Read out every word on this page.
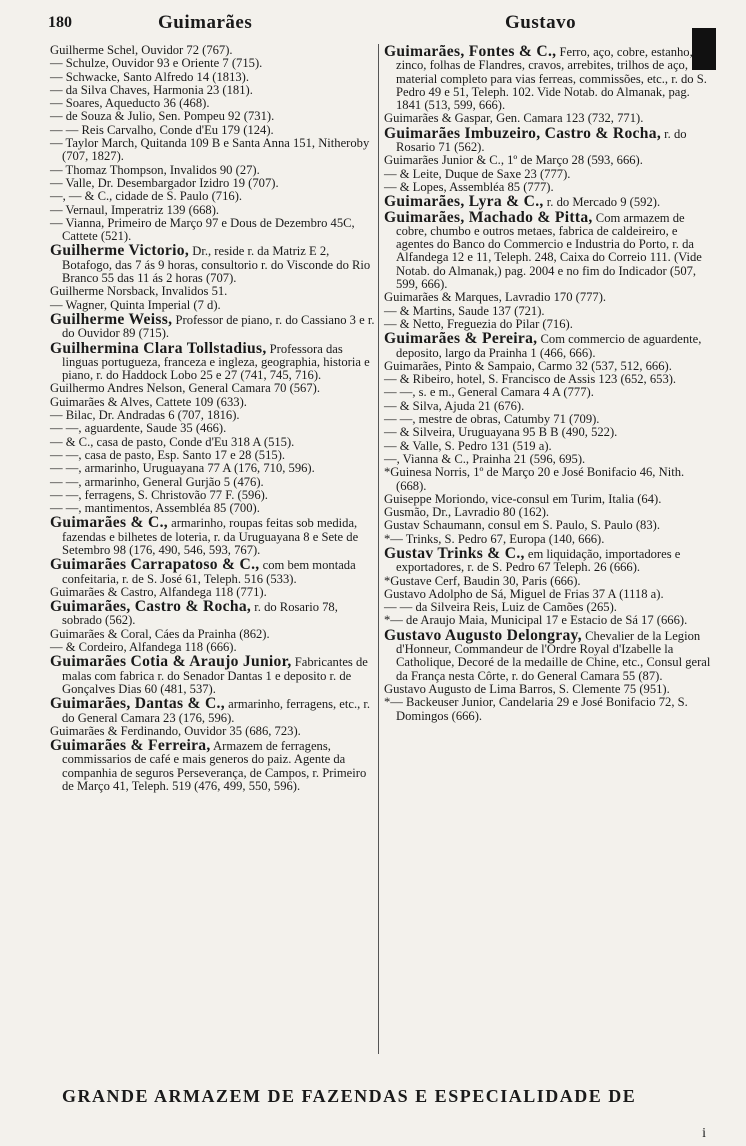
180	Guimarães	Gustavo

Guilherme Schel, Ouvidor 72 (767).

— Schulze, Ouvidor 93 e Oriente 7 (715).

— Schwacke, Santo Alfredo 14 (1813).

— da Silva Chaves, Harmonia 23 (181).

— Soares, Aqueducto 36 (468).

— de Souza & Julio, Sen. Pompeu 92 (731).

— — Reis Carvalho, Conde d'Eu 179 (124).

— Taylor March, Quitanda 109 B e Santa Anna 151, Nitheroby (707, 1827).

— Thomaz Thompson, Invalidos 90 (27).

— Valle, Dr. Desembargador Izidro 19 (707).

—, — & C., cidade de S. Paulo (716).

— Vernaul, Imperatriz 139 (668).

— Vianna, Primeiro de Março 97 e Dous de Dezembro 45C, Cattete (521).

Guilherme Victorio, Dr., reside r. da Matriz E 2, Botafogo, das 7 ás 9 horas, consultorio r. do Visconde do Rio Branco 55 das 11 ás 2 horas (707).

Guilherme Norsback, Invalidos 51.

— Wagner, Quinta Imperial (7 d).

Guilherme Weiss, Professor de piano, r. do Cassiano 3 e r. do Ouvidor 89 (715).

Guilhermina Clara Tollstadius, Professora das linguas portugueza, franceza e ingleza, geographia, historia e piano, r. do Haddock Lobo 25 e 27 (741, 745, 716).

Guilhermo Andres Nelson, General Camara 70 (567).

Guimarães & Alves, Cattete 109 (633).

— Bilac, Dr. Andradas 6 (707, 1816).

— —, aguardente, Saude 35 (466).

— & C., casa de pasto, Conde d'Eu 318 A (515).

— —, casa de pasto, Esp. Santo 17 e 28 (515).

— —, armarinho, Uruguayana 77 A (176, 710, 596).

— —, armarinho, General Gurjão 5 (476).

— —, ferragens, S. Christovão 77 F. (596).

— —, mantimentos, Assembléa 85 (700).

Guimarães & C., armarinho, roupas feitas sob medida, fazendas e bilhetes de loteria, r. da Uruguayana 8 e Sete de Setembro 98 (176, 490, 546, 593, 767).

Guimarães Carrapatoso & C., com bem montada confeitaria, r. de S. José 61, Teleph. 516 (533).

Guimarães & Castro, Alfandega 118 (771).

Guimarães, Castro & Rocha, r. do Rosario 78, sobrado (562).

Guimarães & Coral, Cáes da Prainha (862).

— & Cordeiro, Alfandega 118 (666).

Guimarães Cotia & Araujo Junior, Fabricantes de malas com fabrica r. do Senador Dantas 1 e deposito r. de Gonçalves Dias 60 (481, 537).

Guimarães, Dantas & C., armarinho, ferragens, etc., r. do General Camara 23 (176, 596).

Guimarães & Ferdinando, Ouvidor 35 (686, 723).

Guimarães & Ferreira, Armazem de ferragens, commissarios de café e mais generos do paiz. Agente da companhia de seguros Perseverança, de Campos, r. Primeiro de Março 41, Teleph. 519 (476, 499, 550, 596).

Guimarães, Fontes & C., Ferro, aço, cobre, estanho, zinco, folhas de Flandres, cravos, arrebites, trilhos de aço, material completo para vias ferreas, commissões, etc., r. do S. Pedro 49 e 51, Teleph. 102. Vide Notab. do Almanak, pag. 1841 (513, 599, 666).

Guimarães & Gaspar, Gen. Camara 123 (732, 771).

Guimarães Imbuzeiro, Castro & Rocha, r. do Rosario 71 (562).

Guimarães Junior & C., 1º de Março 28 (593, 666).

— & Leite, Duque de Saxe 23 (777).

— & Lopes, Assembléa 85 (777).

Guimarães, Lyra & C., r. do Mercado 9 (592).

Guimarães, Machado & Pitta, Com armazem de cobre, chumbo e outros metaes, fabrica de caldeireiro, e agentes do Banco do Commercio e Industria do Porto, r. da Alfandega 12 e 11, Teleph. 248, Caixa do Correio 111. (Vide Notab. do Almanak,) pag. 2004 e no fim do Indicador (507, 599, 666).

Guimarães & Marques, Lavradio 170 (777).

— & Martins, Saude 137 (721).

— & Netto, Freguezia do Pilar (716).

Guimarães & Pereira, Com commercio de aguardente, deposito, largo da Prainha 1 (466, 666).

Guimarães, Pinto & Sampaio, Carmo 32 (537, 512, 666).

— & Ribeiro, hotel, S. Francisco de Assis 123 (652, 653).

— —, s. e m., General Camara 4 A (777).

— & Silva, Ajuda 21 (676).

— —, mestre de obras, Catumby 71 (709).

— & Silveira, Uruguayana 95 B B (490, 522).

— & Valle, S. Pedro 131 (519 a).

—, Vianna & C., Prainha 21 (596, 695).

*Guinesa Norris, 1º de Março 20 e José Bonifacio 46, Nith. (668).

Guiseppe Moriondo, vice-consul em Turim, Italia (64).

Gusmão, Dr., Lavradio 80 (162).

Gustav Schaumann, consul em S. Paulo, S. Paulo (83).

*— Trinks, S. Pedro 67, Europa (140, 666).

Gustav Trinks & C., em liquidação, importadores e exportadores, r. de S. Pedro 67 Teleph. 26 (666).

*Gustave Cerf, Baudin 30, Paris (666).

Gustavo Adolpho de Sá, Miguel de Frias 37 A (1118 a).

— — da Silveira Reis, Luiz de Camões (265).

*— de Araujo Maia, Municipal 17 e Estacio de Sá 17 (666).

Gustavo Augusto Delongray, Chevalier de la Legion d'Honneur, Commandeur de l'Ordre Royal d'Izabelle la Catholique, Decoré de la medaille de Chine, etc., Consul geral da França nesta Côrte, r. do General Camara 55 (87).

Gustavo Augusto de Lima Barros, S. Clemente 75 (951).

*— Backeuser Junior, Candelaria 29 e José Bonifacio 72, S. Domingos (666).

GRANDE ARMAZEM DE FAZENDAS E ESPECIALIDADE DE
i
